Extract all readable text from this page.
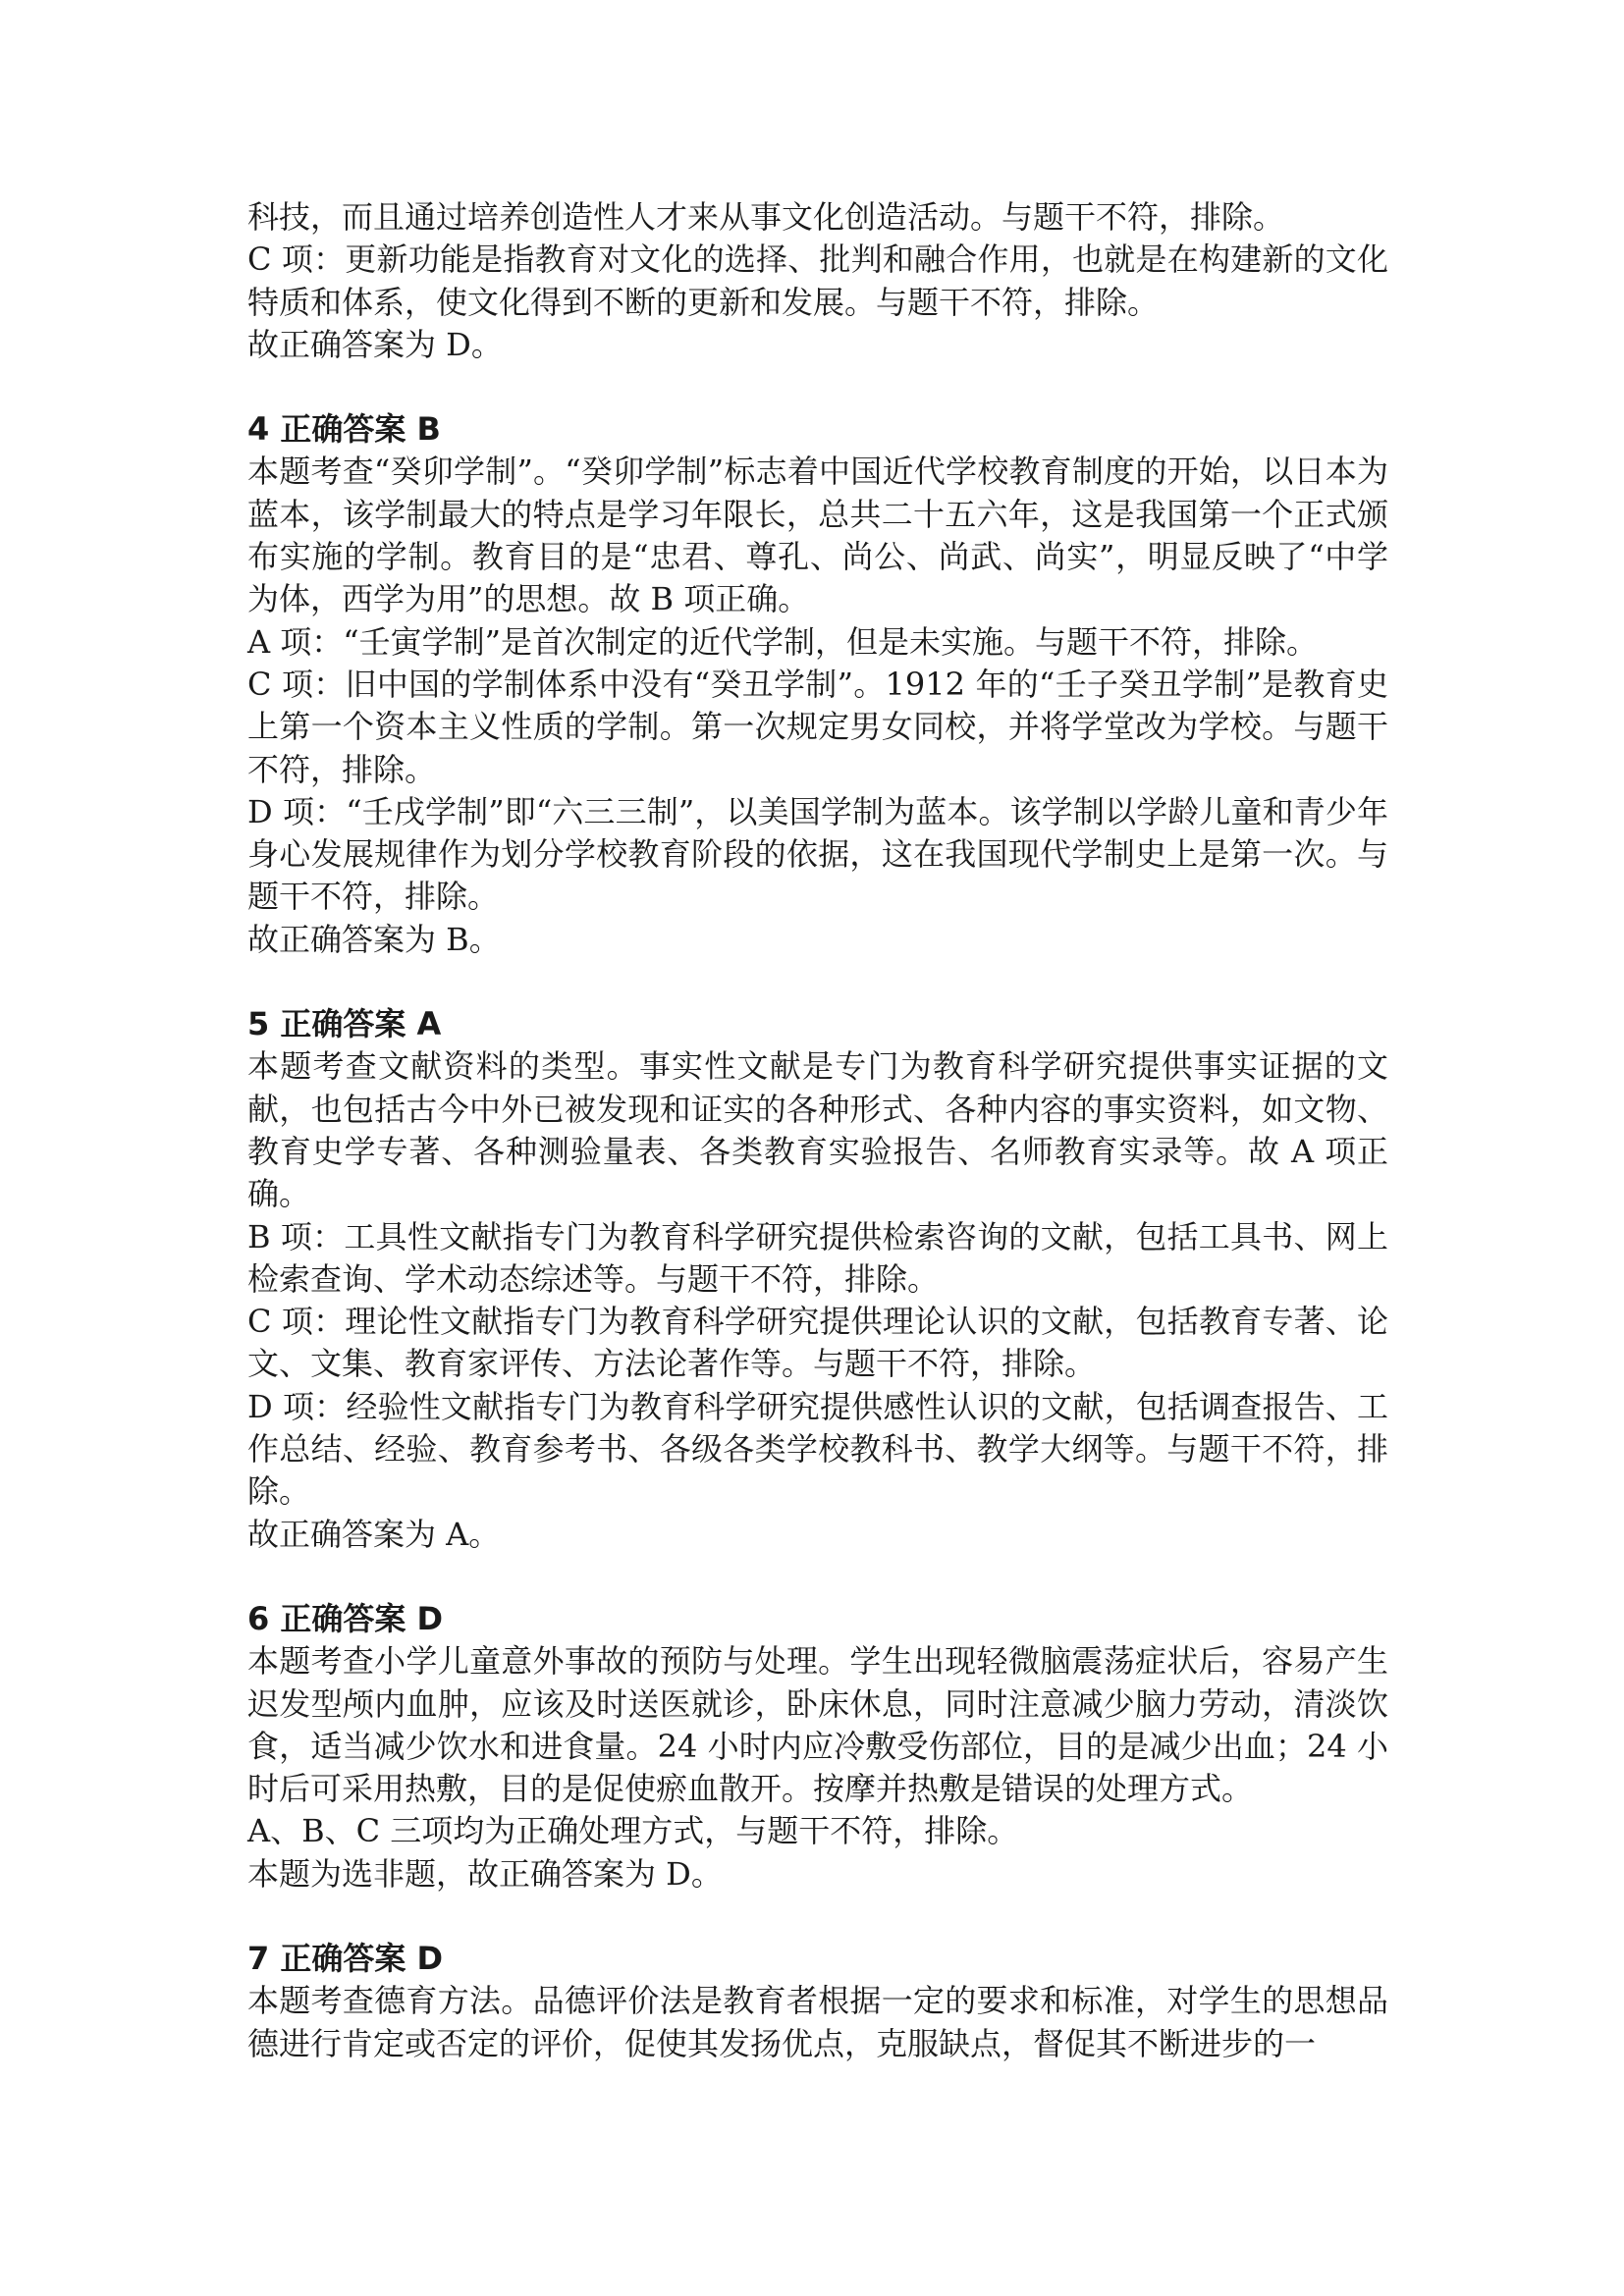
科技，而且通过培养创造性人才来从事文化创造活动。与题干不符，排除。

C 项：更新功能是指教育对文化的选择、批判和融合作用，也就是在构建新的文化特质和体系，使文化得到不断的更新和发展。与题干不符，排除。

故正确答案为 D。

4 正确答案 B

本题考查“癸卯学制”。“癸卯学制”标志着中国近代学校教育制度的开始，以日本为蓝本，该学制最大的特点是学习年限长，总共二十五六年，这是我国第一个正式颁布实施的学制。教育目的是“忠君、尊孔、尚公、尚武、尚实”，明显反映了“中学为体，西学为用”的思想。故 B 项正确。

A 项：“壬寅学制”是首次制定的近代学制，但是未实施。与题干不符，排除。

C 项：旧中国的学制体系中没有“癸丑学制”。1912 年的“壬子癸丑学制”是教育史上第一个资本主义性质的学制。第一次规定男女同校，并将学堂改为学校。与题干不符，排除。

D 项：“壬戌学制”即“六三三制”，以美国学制为蓝本。该学制以学龄儿童和青少年身心发展规律作为划分学校教育阶段的依据，这在我国现代学制史上是第一次。与题干不符，排除。

故正确答案为 B。

5 正确答案 A

本题考查文献资料的类型。事实性文献是专门为教育科学研究提供事实证据的文献，也包括古今中外已被发现和证实的各种形式、各种内容的事实资料，如文物、教育史学专著、各种测验量表、各类教育实验报告、名师教育实录等。故 A 项正确。

B 项：工具性文献指专门为教育科学研究提供检索咨询的文献，包括工具书、网上检索查询、学术动态综述等。与题干不符，排除。

C 项：理论性文献指专门为教育科学研究提供理论认识的文献，包括教育专著、论文、文集、教育家评传、方法论著作等。与题干不符，排除。

D 项：经验性文献指专门为教育科学研究提供感性认识的文献，包括调查报告、工作总结、经验、教育参考书、各级各类学校教科书、教学大纲等。与题干不符，排除。

故正确答案为 A。

6 正确答案 D

本题考查小学儿童意外事故的预防与处理。学生出现轻微脑震荡症状后，容易产生迟发型颅内血肿，应该及时送医就诊，卧床休息，同时注意减少脑力劳动，清淡饮食，适当减少饮水和进食量。24 小时内应冷敷受伤部位，目的是减少出血；24 小时后可采用热敷，目的是促使瘀血散开。按摩并热敷是错误的处理方式。

A、B、C 三项均为正确处理方式，与题干不符，排除。

本题为选非题，故正确答案为 D。

7 正确答案 D

本题考查德育方法。品德评价法是教育者根据一定的要求和标准，对学生的思想品德进行肯定或否定的评价，促使其发扬优点，克服缺点，督促其不断进步的一
